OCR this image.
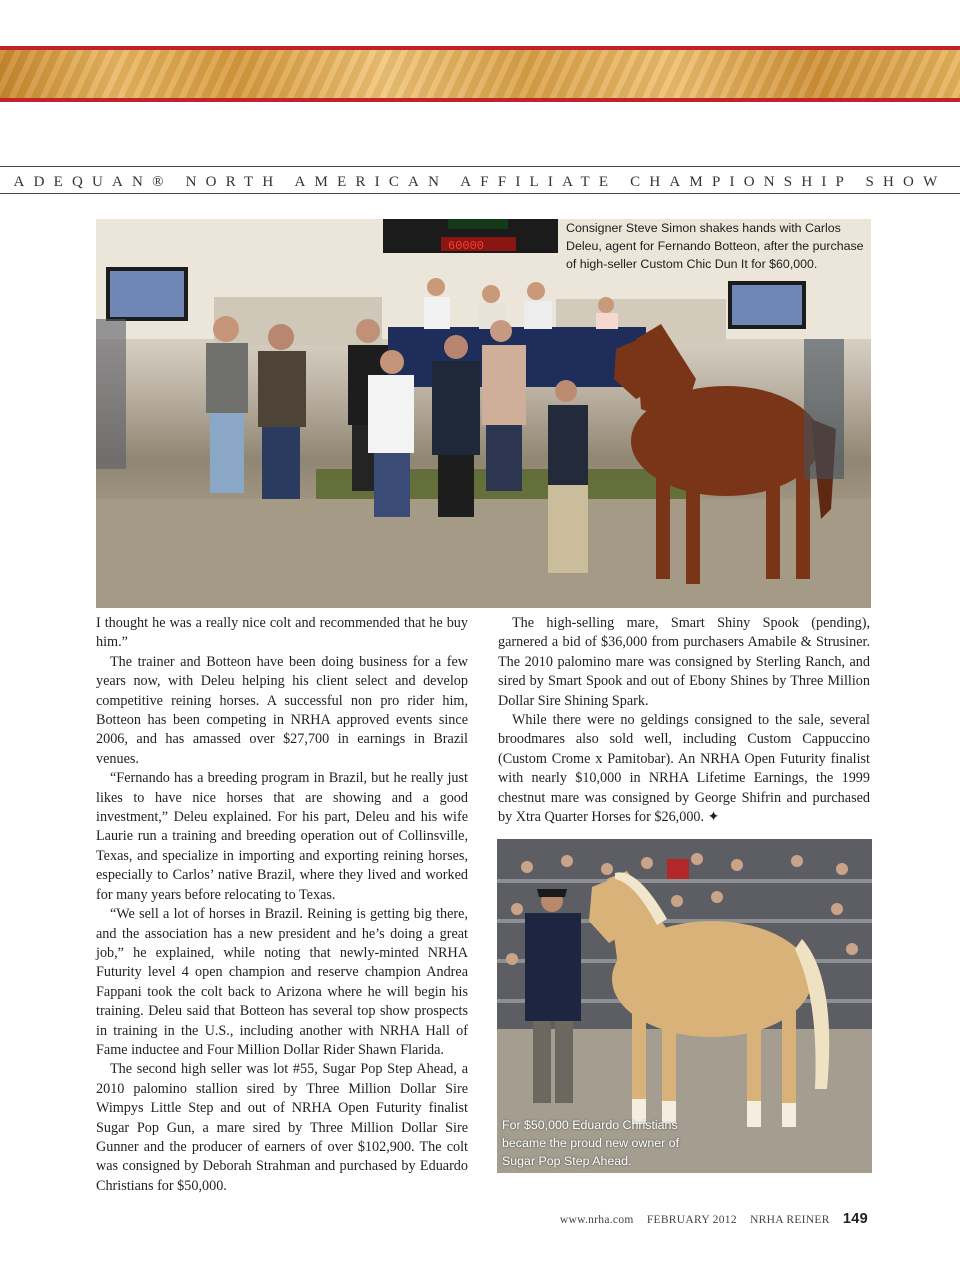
ADEQUAN® NORTH AMERICAN AFFILIATE CHAMPIONSHIP SHOW
60000
Consigner Steve Simon shakes hands with Carlos Deleu, agent for Fernando Botteon, after the purchase of high-seller Custom Chic Dun It for $60,000.

I thought he was a really nice colt and recommended that he buy him.”

The trainer and Botteon have been doing business for a few years now, with Deleu helping his client select and develop competitive reining horses. A successful non pro rider him, Botteon has been competing in NRHA approved events since 2006, and has amassed over $27,700 in earnings in Brazil venues.

“Fernando has a breeding program in Brazil, but he really just likes to have nice horses that are showing and a good investment,” Deleu explained. For his part, Deleu and his wife Laurie run a training and breeding operation out of Collinsville, Texas, and specialize in importing and exporting reining horses, especially to Carlos’ native Brazil, where they lived and worked for many years before relocating to Texas.

“We sell a lot of horses in Brazil. Reining is getting big there, and the association has a new president and he’s doing a great job,” he explained, while noting that newly-minted NRHA Futurity level 4 open champion and reserve champion Andrea Fappani took the colt back to Arizona where he will begin his training. Deleu said that Botteon has several top show prospects in training in the U.S., including another with NRHA Hall of Fame inductee and Four Million Dollar Rider Shawn Flarida.

The second high seller was lot #55, Sugar Pop Step Ahead, a 2010 palomino stallion sired by Three Million Dollar Sire Wimpys Little Step and out of NRHA Open Futurity finalist Sugar Pop Gun, a mare sired by Three Million Dollar Sire Gunner and the producer of earners of over $102,900. The colt was consigned by Deborah Strahman and purchased by Eduardo Christians for $50,000.

The high-selling mare, Smart Shiny Spook (pending), garnered a bid of $36,000 from purchasers Amabile & Strusiner. The 2010 palomino mare was consigned by Sterling Ranch, and sired by Smart Spook and out of Ebony Shines by Three Million Dollar Sire Shining Spark.

While there were no geldings consigned to the sale, several broodmares also sold well, including Custom Cappuccino (Custom Crome x Pamitobar). An NRHA Open Futurity finalist with nearly $10,000 in NRHA Lifetime Earnings, the 1999 chestnut mare was consigned by George Shifrin and purchased by Xtra Quarter Horses for $26,000. ✦

For $50,000 Eduardo Christians became the proud new owner of Sugar Pop Step Ahead.
www.nrha.com FEBRUARY 2012 NRHA REINER 149
